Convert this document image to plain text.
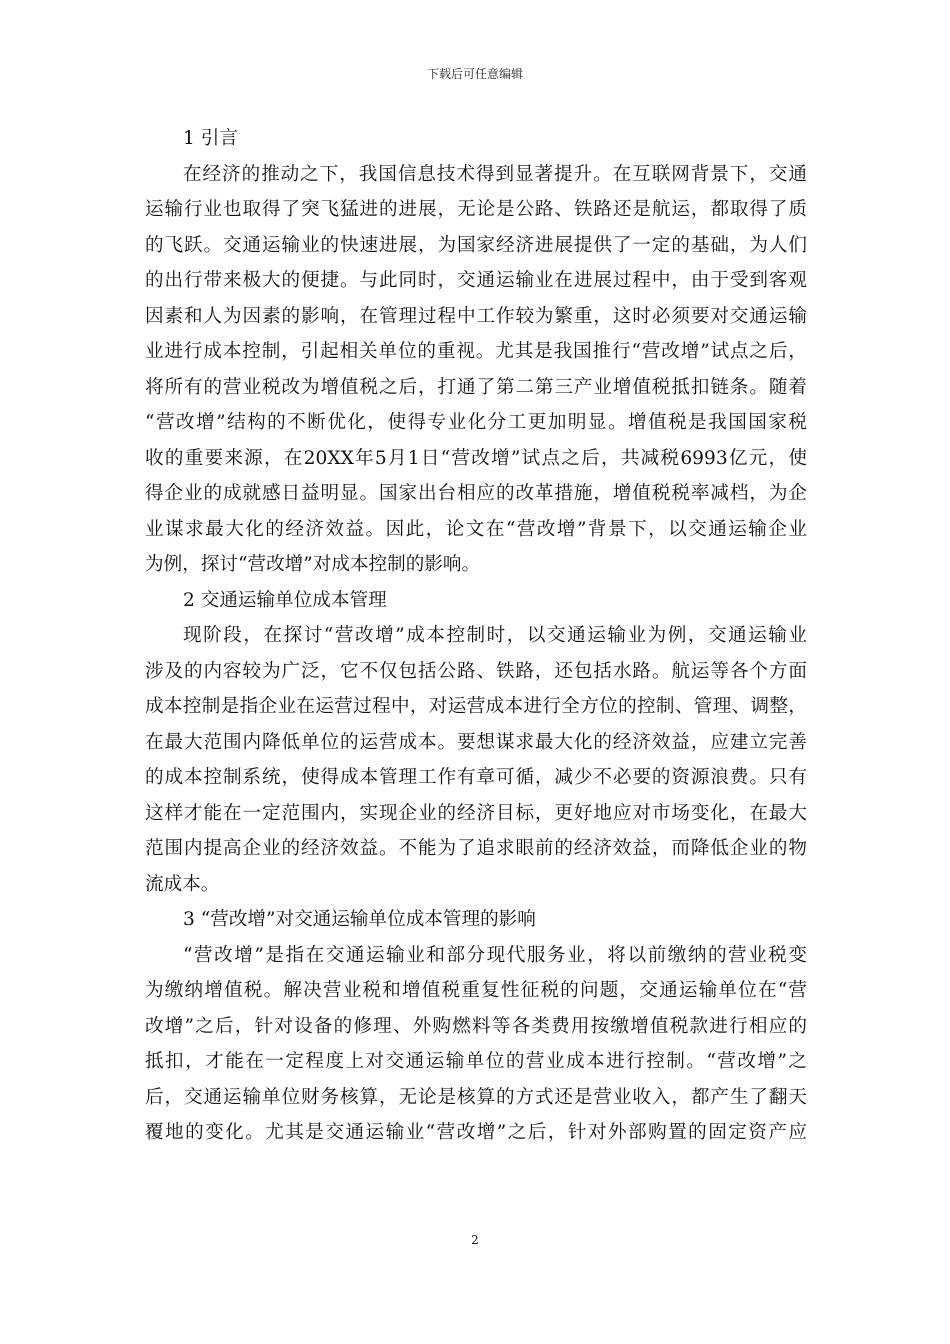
下载后可任意编辑
1 引言
在经济的推动之下，我国信息技术得到显著提升。在互联网背景下，交通
运输行业也取得了突飞猛进的进展，无论是公路、铁路还是航运，都取得了质
的飞跃。交通运输业的快速进展，为国家经济进展提供了一定的基础，为人们
的出行带来极大的便捷。与此同时，交通运输业在进展过程中，由于受到客观
因素和人为因素的影响，在管理过程中工作较为繁重，这时必须要对交通运输
业进行成本控制，引起相关单位的重视。尤其是我国推行“营改增”试点之后，
将所有的营业税改为增值税之后，打通了第二第三产业增值税抵扣链条。随着
“营改增”结构的不断优化，使得专业化分工更加明显。增值税是我国国家税
收的重要来源，在20XX年5月1日“营改增”试点之后，共减税6993亿元，使
得企业的成就感日益明显。国家出台相应的改革措施，增值税税率减档，为企
业谋求最大化的经济效益。因此，论文在“营改增”背景下，以交通运输企业
为例，探讨“营改增”对成本控制的影响。
2 交通运输单位成本管理
现阶段，在探讨“营改增”成本控制时，以交通运输业为例，交通运输业
涉及的内容较为广泛，它不仅包括公路、铁路，还包括水路。航运等各个方面
成本控制是指企业在运营过程中，对运营成本进行全方位的控制、管理、调整，
在最大范围内降低单位的运营成本。要想谋求最大化的经济效益，应建立完善
的成本控制系统，使得成本管理工作有章可循，减少不必要的资源浪费。只有
这样才能在一定范围内，实现企业的经济目标，更好地应对市场变化，在最大
范围内提高企业的经济效益。不能为了追求眼前的经济效益，而降低企业的物
流成本。
3 “营改增”对交通运输单位成本管理的影响
“营改增”是指在交通运输业和部分现代服务业，将以前缴纳的营业税变
为缴纳增值税。解决营业税和增值税重复性征税的问题，交通运输单位在“营
改增”之后，针对设备的修理、外购燃料等各类费用按缴增值税款进行相应的
抵扣，才能在一定程度上对交通运输单位的营业成本进行控制。“营改增”之
后，交通运输单位财务核算，无论是核算的方式还是营业收入，都产生了翻天
覆地的变化。尤其是交通运输业“营改增”之后，针对外部购置的固定资产应
2
